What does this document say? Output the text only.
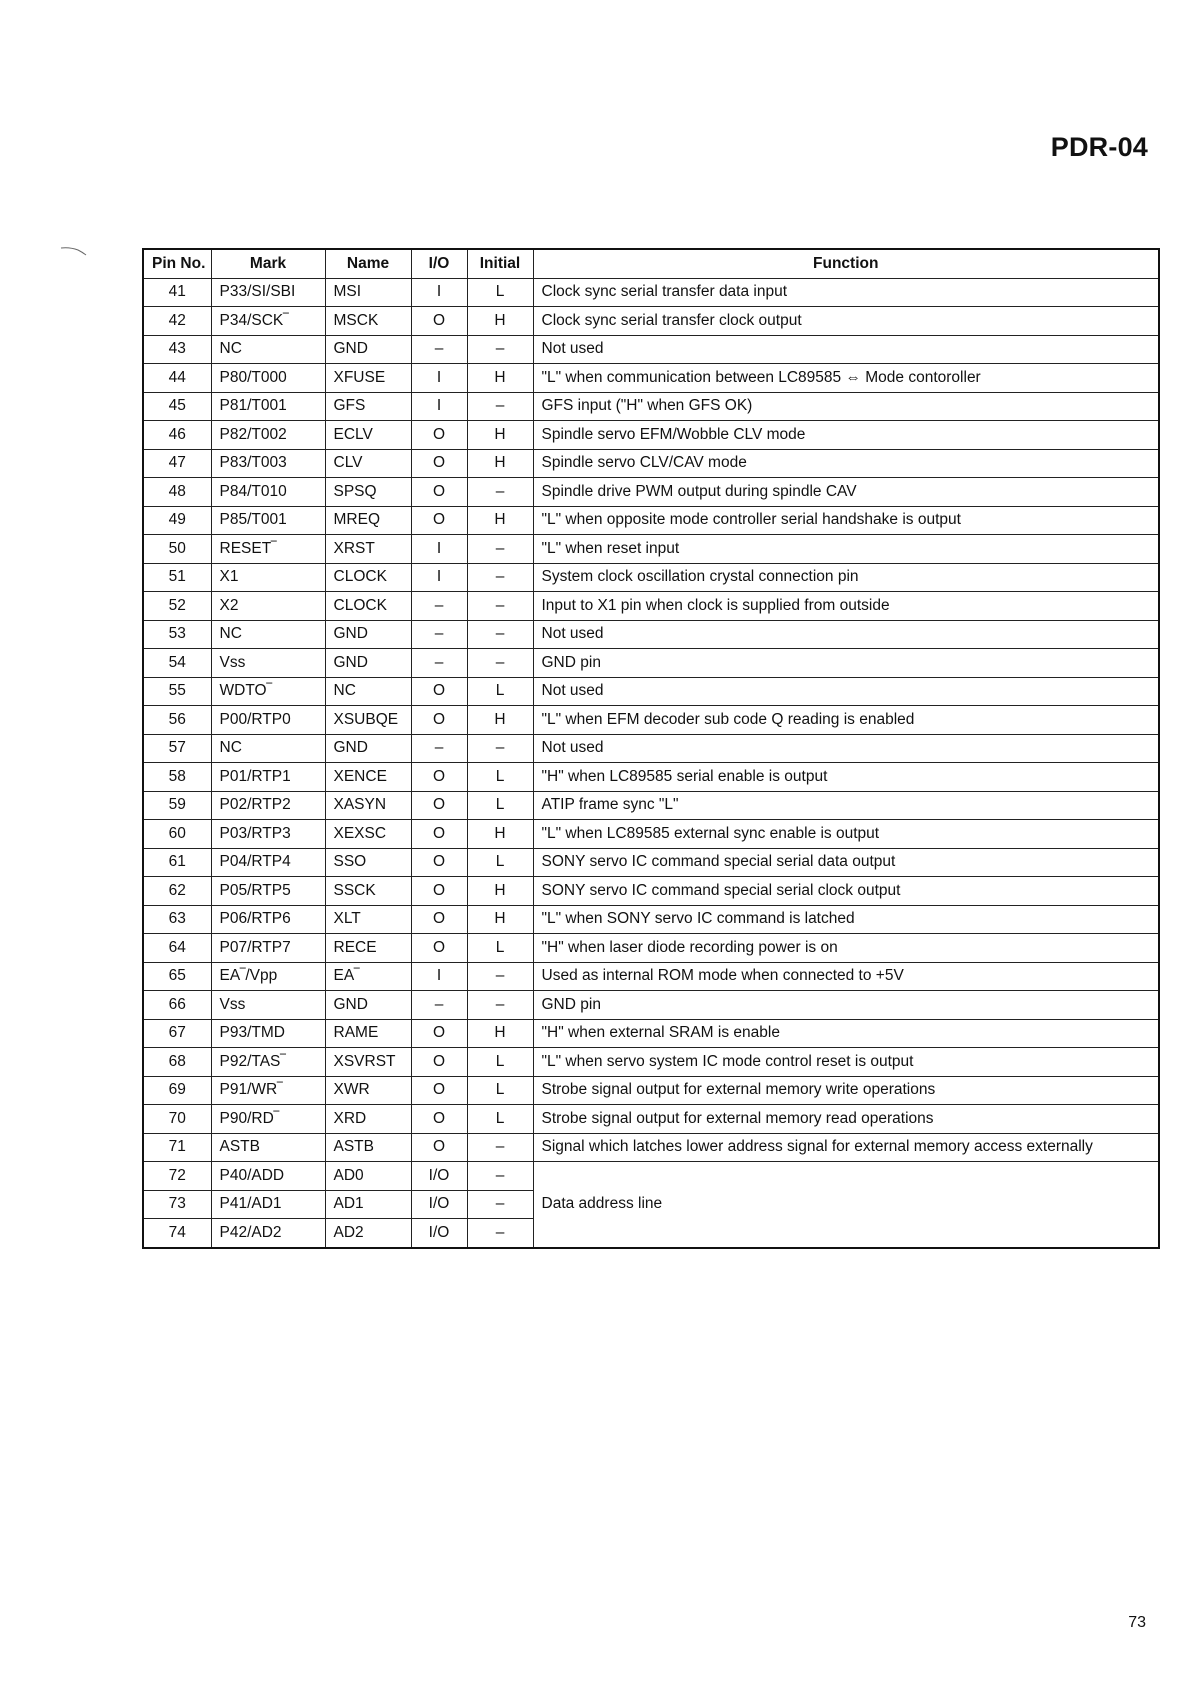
PDR-04
Pin No.	Mark	Name	I/O	Initial	Function
41	P33/SI/SBI	MSI	I	L	Clock sync serial transfer data input
42	P34/SCK‾	MSCK	O	H	Clock sync serial transfer clock output
43	NC	GND	–	–	Not used
44	P80/T000	XFUSE	I	H	"L" when communication between LC89585 ⇔ Mode contoroller
45	P81/T001	GFS	I	–	GFS input ("H" when GFS OK)
46	P82/T002	ECLV	O	H	Spindle servo EFM/Wobble CLV mode
47	P83/T003	CLV	O	H	Spindle servo CLV/CAV mode
48	P84/T010	SPSQ	O	–	Spindle drive PWM output during spindle CAV
49	P85/T001	MREQ	O	H	"L" when opposite mode controller serial handshake is output
50	RESET‾	XRST	I	–	"L" when reset input
51	X1	CLOCK	I	–	System clock oscillation crystal connection pin
52	X2	CLOCK	–	–	Input to X1 pin when clock is supplied from outside
53	NC	GND	–	–	Not used
54	Vss	GND	–	–	GND pin
55	WDTO‾	NC	O	L	Not used
56	P00/RTP0	XSUBQE	O	H	"L" when EFM decoder sub code Q reading is enabled
57	NC	GND	–	–	Not used
58	P01/RTP1	XENCE	O	L	"H" when LC89585 serial enable is output
59	P02/RTP2	XASYN	O	L	ATIP frame sync "L"
60	P03/RTP3	XEXSC	O	H	"L" when LC89585 external sync enable is output
61	P04/RTP4	SSO	O	L	SONY servo IC command special serial data output
62	P05/RTP5	SSCK	O	H	SONY servo IC command special serial clock output
63	P06/RTP6	XLT	O	H	"L" when SONY servo IC command is latched
64	P07/RTP7	RECE	O	L	"H" when laser diode recording power is on
65	EA‾/Vpp	EA‾	I	–	Used as internal ROM mode when connected to +5V
66	Vss	GND	–	–	GND pin
67	P93/TMD	RAME	O	H	"H" when external SRAM is enable
68	P92/TAS‾	XSVRST	O	L	"L" when servo system IC mode control reset is output
69	P91/WR‾	XWR	O	L	Strobe signal output for external memory write operations
70	P90/RD‾	XRD	O	L	Strobe signal output for external memory read operations
71	ASTB	ASTB	O	–	Signal which latches lower address signal for external memory access externally
72	P40/ADD	AD0	I/O	–	Data address line
73	P41/AD1	AD1	I/O	–	
74	P42/AD2	AD2	I/O	–	
73
